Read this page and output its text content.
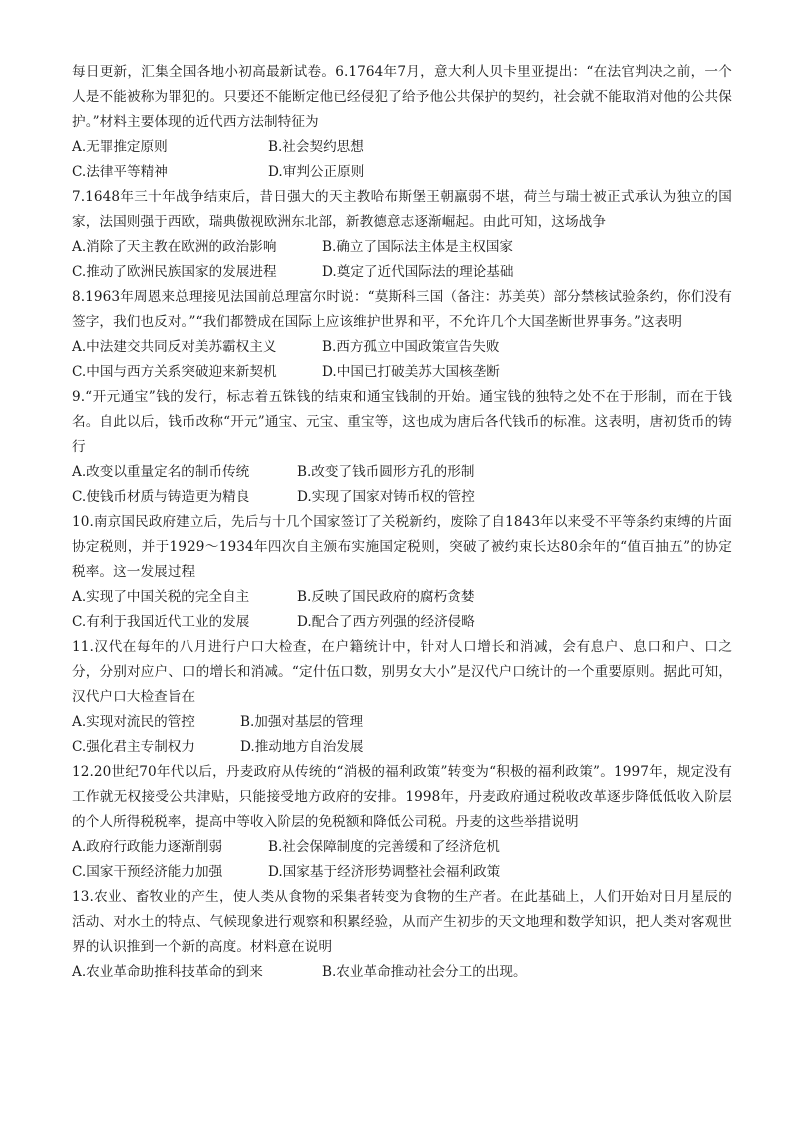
每日更新，汇集全国各地小初高最新试卷。6.1764年7月，意大利人贝卡里亚提出：“在法官判决之前，一个人是不能被称为罪犯的。只要还不能断定他已经侵犯了给予他公共保护的契约，社会就不能取消对他的公共保护。”材料主要体现的近代西方法制特征为

A.无罪推定原则	B.社会契约思想
C.法律平等精神	D.审判公正原则

7.1648年三十年战争结束后，昔日强大的天主教哈布斯堡王朝羸弱不堪，荷兰与瑞士被正式承认为独立的国家，法国则强于西欧，瑞典傲视欧洲东北部，新教德意志逐渐崛起。由此可知，这场战争

A.消除了天主教在欧洲的政治影响	B.确立了国际法主体是主权国家
C.推动了欧洲民族国家的发展进程	D.奠定了近代国际法的理论基础

8.1963年周恩来总理接见法国前总理富尔时说：“莫斯科三国（备注：苏美英）部分禁核试验条约，你们没有签字，我们也反对。”“我们都赞成在国际上应该维护世界和平，不允许几个大国垄断世界事务。”这表明

A.中法建交共同反对美苏霸权主义	B.西方孤立中国政策宣告失败
C.中国与西方关系突破迎来新契机	D.中国已打破美苏大国核垄断

9.“开元通宝”钱的发行，标志着五铢钱的结束和通宝钱制的开始。通宝钱的独特之处不在于形制，而在于钱名。自此以后，钱币改称“开元”通宝、元宝、重宝等，这也成为唐后各代钱币的标准。这表明，唐初货币的铸行

A.改变以重量定名的制币传统	B.改变了钱币圆形方孔的形制
C.使钱币材质与铸造更为精良	D.实现了国家对铸币权的管控

10.南京国民政府建立后，先后与十几个国家签订了关税新约，废除了自1843年以来受不平等条约束缚的片面协定税则，并于1929～1934年四次自主颁布实施国定税则，突破了被约束长达80余年的“值百抽五”的协定税率。这一发展过程

A.实现了中国关税的完全自主	B.反映了国民政府的腐朽贪婪
C.有利于我国近代工业的发展	D.配合了西方列强的经济侵略

11.汉代在每年的八月进行户口大检查，在户籍统计中，针对人口增长和消减，会有息户、息口和户、口之分，分别对应户、口的增长和消减。“定什伍口数，别男女大小”是汉代户口统计的一个重要原则。据此可知，汉代户口大检查旨在

A.实现对流民的管控	B.加强对基层的管理
C.强化君主专制权力	D.推动地方自治发展

12.20世纪70年代以后，丹麦政府从传统的“消极的福利政策”转变为“积极的福利政策”。1997年，规定没有工作就无权接受公共津贴，只能接受地方政府的安排。1998年，丹麦政府通过税收改革逐步降低低收入阶层的个人所得税税率，提高中等收入阶层的免税额和降低公司税。丹麦的这些举措说明

A.政府行政能力逐渐削弱	B.社会保障制度的完善缓和了经济危机
C.国家干预经济能力加强	D.国家基于经济形势调整社会福利政策

13.农业、畜牧业的产生，使人类从食物的采集者转变为食物的生产者。在此基础上，人们开始对日月星辰的活动、对水土的特点、气候现象进行观察和积累经验，从而产生初步的天文地理和数学知识，把人类对客观世界的认识推到一个新的高度。材料意在说明

A.农业革命助推科技革命的到来	B.农业革命推动社会分工的出现。
